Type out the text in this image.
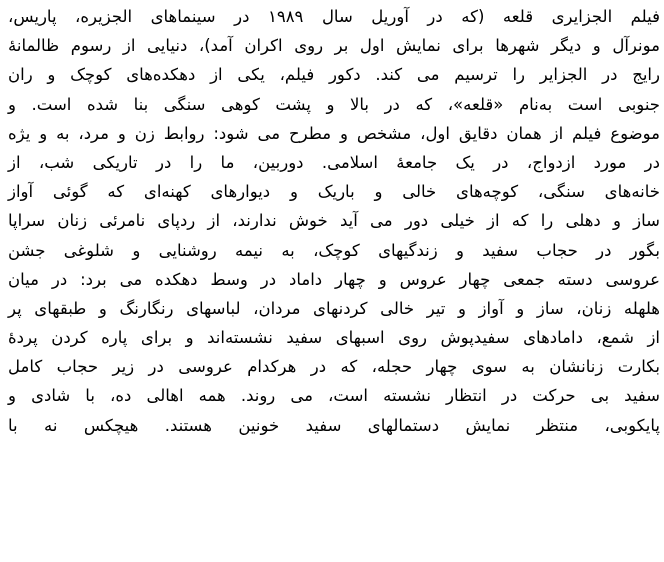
فیلم الجزایری قلعه (که در آوریل سال ۱۹۸۹ در سینماهای الجزیره، پاریس،
مونرآل و دیگر شهرها برای نمایش اول بر روی اکران آمد)، دنیایی از رسوم ظالمانهٔ
رایج در الجزایر را ترسیم می کند. دکور فیلم، یکی از دهکده‌های کوچک و ران
جنوبی است به‌نام «قلعه»، که در بالا و پشت کوهی سنگی بنا شده است. و
موضوع فیلم از همان دقایق اول، مشخص و مطرح می شود: روابط زن و مرد، به و یژه
در مورد ازدواج، در یک جامعهٔ اسلامی. دوربین، ما را در تاریکی شب، از
خانه‌های سنگی، کوچه‌های خالی و باریک و دیوارهای کهنه‌ای که گوئی آواز
ساز و دهلی را که از خیلی دور می آید خوش ندارند، از ردپای نامرئی زنان سراپا
بگور در حجاب سفید و زندگیهای کوچک، به نیمه روشنایی و شلوغی جشن
عروسی دسته جمعی چهار عروس و چهار داماد در وسط دهکده می برد: در میان
هلهله زنان، ساز و آواز و تیر خالی کردنهای مردان، لباسهای رنگارنگ و طبقهای پر
از شمع، دامادهای سفیدپوش روی اسبهای سفید نشسته‌اند و برای پاره کردن پردهٔ
بکارت زنانشان به سوی چهار حجله، که در هرکدام عروسی در زیر حجاب کامل
سفید بی حرکت در انتظار نشسته است، می روند. همه اهالی ده، با شادی و
پایکوبی، منتظر نمایش دستمالهای سفید خونین هستند. هیچکس نه با
